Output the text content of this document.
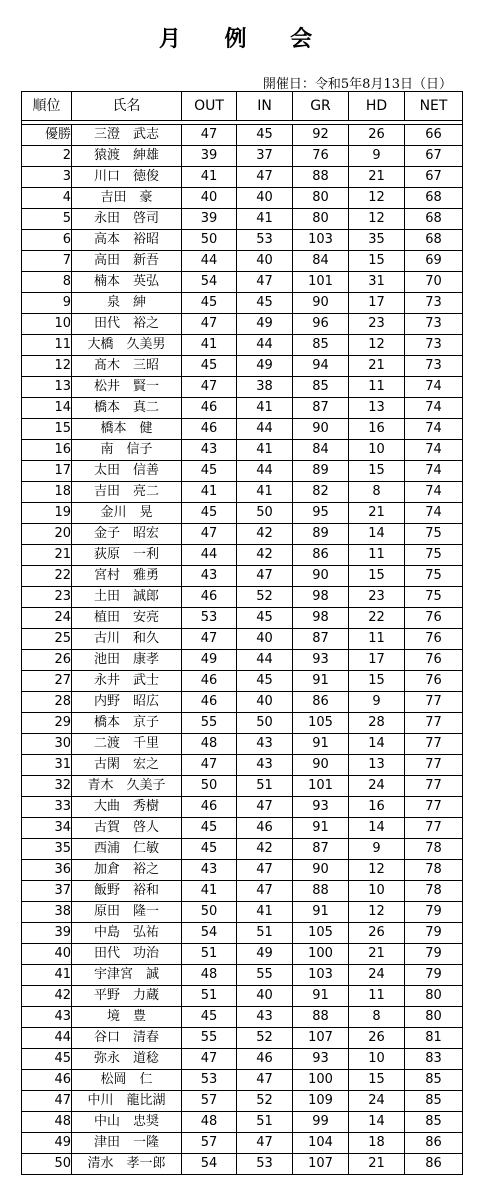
月 例 会
開催日：令和5年8月13日（日）
順位	氏名	OUT	IN	GR	HD	NET

優勝	三澄　武志	47	45	92	26	66
2	猿渡　紳雄	39	37	76	9	67
3	川口　徳俊	41	47	88	21	67
4	吉田　豪	40	40	80	12	68
5	永田　啓司	39	41	80	12	68
6	高本　裕昭	50	53	103	35	68
7	高田　新吾	44	40	84	15	69
8	楠本　英弘	54	47	101	31	70
9	泉　紳	45	45	90	17	73
10	田代　裕之	47	49	96	23	73
11	大橋　久美男	41	44	85	12	73
12	髙木　三昭	45	49	94	21	73
13	松井　賢一	47	38	85	11	74
14	橋本　真二	46	41	87	13	74
15	橋本　健	46	44	90	16	74
16	南　信子	43	41	84	10	74
17	太田　信善	45	44	89	15	74
18	吉田　亮二	41	41	82	8	74
19	金川　晃	45	50	95	21	74
20	金子　昭宏	47	42	89	14	75
21	荻原　一利	44	42	86	11	75
22	宮村　雅勇	43	47	90	15	75
23	土田　誠郎	46	52	98	23	75
24	植田　安亮	53	45	98	22	76
25	古川　和久	47	40	87	11	76
26	池田　康孝	49	44	93	17	76
27	永井　武士	46	45	91	15	76
28	内野　昭広	46	40	86	9	77
29	橋本　京子	55	50	105	28	77
30	二渡　千里	48	43	91	14	77
31	古閑　宏之	47	43	90	13	77
32	青木　久美子	50	51	101	24	77
33	大曲　秀樹	46	47	93	16	77
34	古賀　啓人	45	46	91	14	77
35	西浦　仁敏	45	42	87	9	78
36	加倉　裕之	43	47	90	12	78
37	飯野　裕和	41	47	88	10	78
38	原田　隆一	50	41	91	12	79
39	中島　弘祐	54	51	105	26	79
40	田代　功治	51	49	100	21	79
41	宇津宮　誠	48	55	103	24	79
42	平野　力蔵	51	40	91	11	80
43	境　豊	45	43	88	8	80
44	谷口　清春	55	52	107	26	81
45	弥永　道稔	47	46	93	10	83
46	松岡　仁	53	47	100	15	85
47	中川　龍比湖	57	52	109	24	85
48	中山　忠奨	48	51	99	14	85
49	津田　一隆	57	47	104	18	86
50	清水　孝一郎	54	53	107	21	86
